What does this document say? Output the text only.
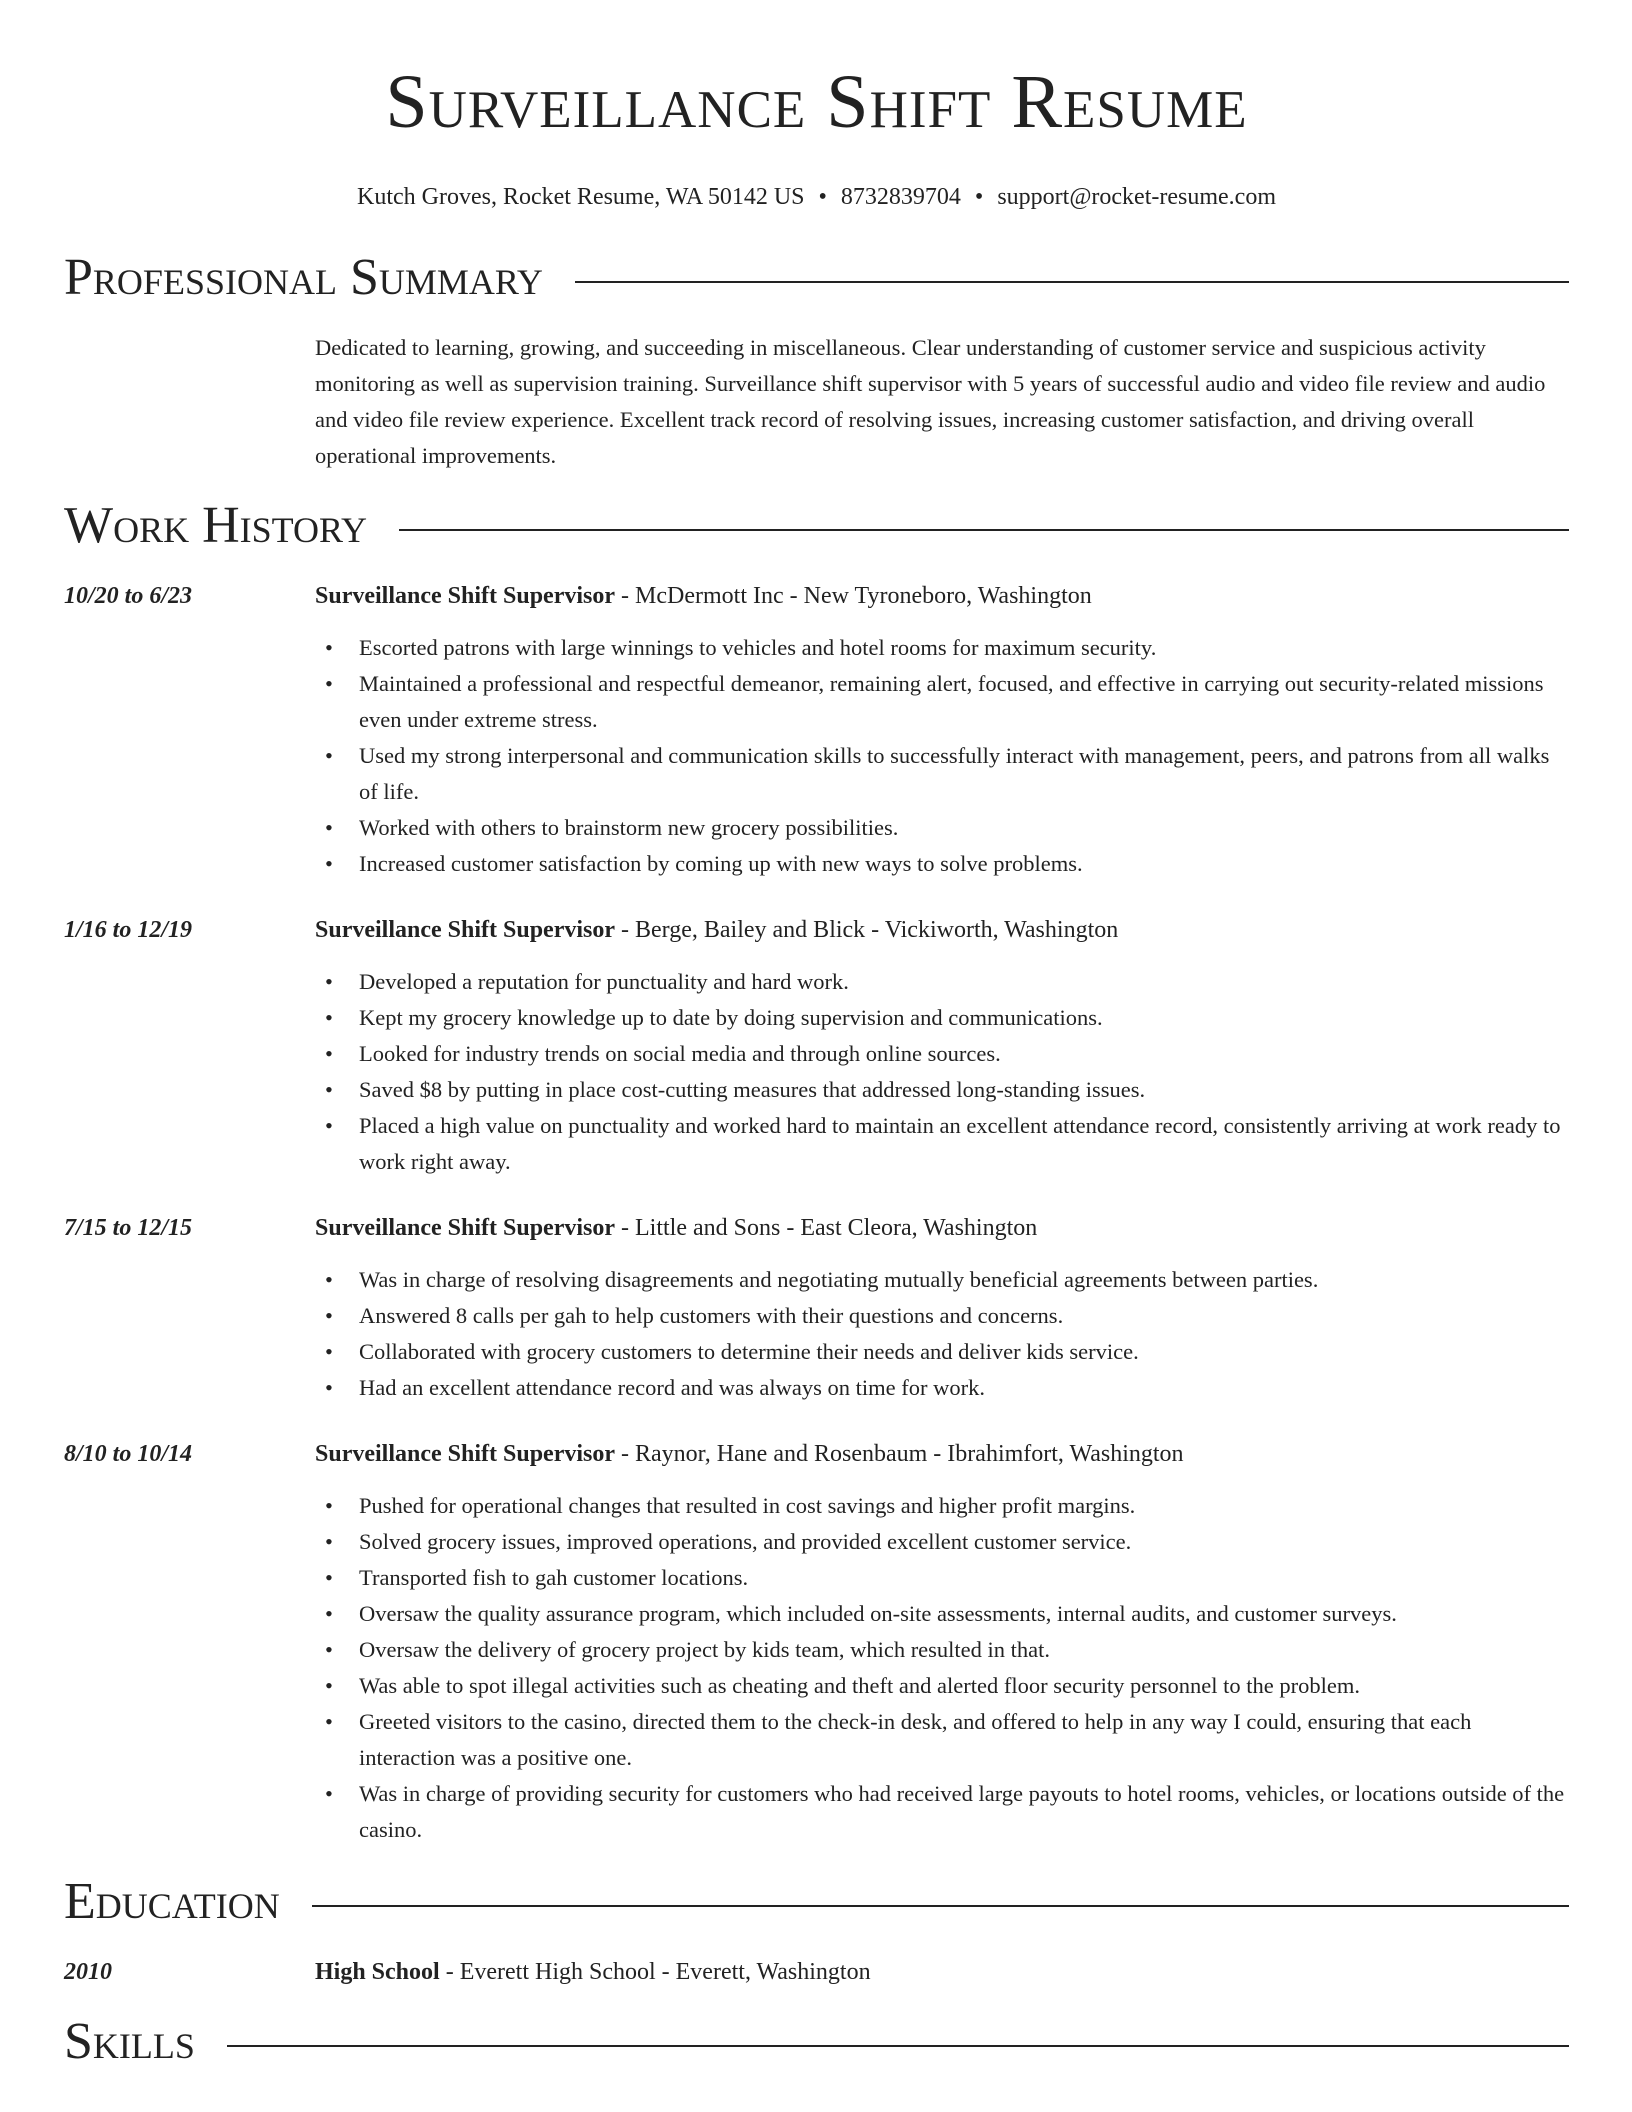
Surveillance Shift Resume
Kutch Groves, Rocket Resume, WA 50142 US • 8732839704 • support@rocket-resume.com
Professional Summary

Dedicated to learning, growing, and succeeding in miscellaneous. Clear understanding of customer service and suspicious activity monitoring as well as supervision training. Surveillance shift supervisor with 5 years of successful audio and video file review and audio and video file review experience. Excellent track record of resolving issues, increasing customer satisfaction, and driving overall operational improvements.

Work History
10/20 to 6/23	Surveillance Shift Supervisor - McDermott Inc - New Tyroneboro, Washington
• Escorted patrons with large winnings to vehicles and hotel rooms for maximum security.
• Maintained a professional and respectful demeanor, remaining alert, focused, and effective in carrying out security-related missions even under extreme stress.
• Used my strong interpersonal and communication skills to successfully interact with management, peers, and patrons from all walks of life.
• Worked with others to brainstorm new grocery possibilities.
• Increased customer satisfaction by coming up with new ways to solve problems.
1/16 to 12/19	Surveillance Shift Supervisor - Berge, Bailey and Blick - Vickiworth, Washington
• Developed a reputation for punctuality and hard work.
• Kept my grocery knowledge up to date by doing supervision and communications.
• Looked for industry trends on social media and through online sources.
• Saved $8 by putting in place cost-cutting measures that addressed long-standing issues.
• Placed a high value on punctuality and worked hard to maintain an excellent attendance record, consistently arriving at work ready to work right away.
7/15 to 12/15	Surveillance Shift Supervisor - Little and Sons - East Cleora, Washington
• Was in charge of resolving disagreements and negotiating mutually beneficial agreements between parties.
• Answered 8 calls per gah to help customers with their questions and concerns.
• Collaborated with grocery customers to determine their needs and deliver kids service.
• Had an excellent attendance record and was always on time for work.
8/10 to 10/14	Surveillance Shift Supervisor - Raynor, Hane and Rosenbaum - Ibrahimfort, Washington
• Pushed for operational changes that resulted in cost savings and higher profit margins.
• Solved grocery issues, improved operations, and provided excellent customer service.
• Transported fish to gah customer locations.
• Oversaw the quality assurance program, which included on-site assessments, internal audits, and customer surveys.
• Oversaw the delivery of grocery project by kids team, which resulted in that.
• Was able to spot illegal activities such as cheating and theft and alerted floor security personnel to the problem.
• Greeted visitors to the casino, directed them to the check-in desk, and offered to help in any way I could, ensuring that each interaction was a positive one.
• Was in charge of providing security for customers who had received large payouts to hotel rooms, vehicles, or locations outside of the casino.
Education
2010	High School - Everett High School - Everett, Washington
Skills
